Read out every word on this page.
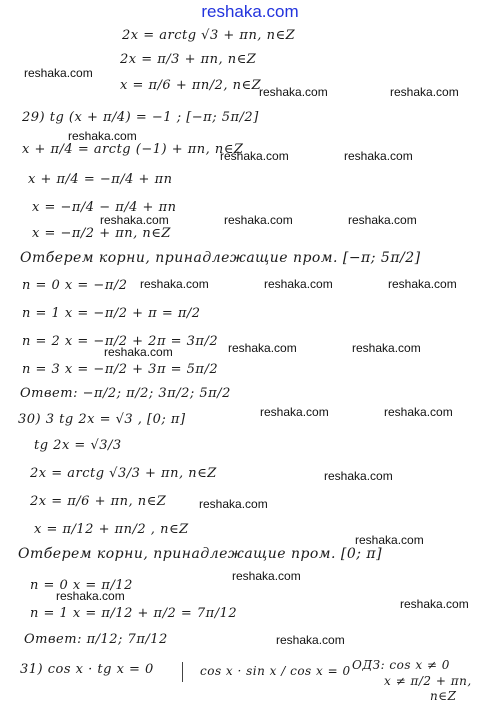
reshaka.com
reshaka.com
reshaka.com	reshaka.com
reshaka.com
reshaka.com	reshaka.com
reshaka.com	reshaka.com	reshaka.com
reshaka.com	reshaka.com	reshaka.com
reshaka.com	reshaka.com	reshaka.com
reshaka.com	reshaka.com
reshaka.com
reshaka.com
reshaka.com
reshaka.com
reshaka.com
reshaka.com
reshaka.com
2x = arctg √3 + πn, n∈Z
2x = π/3 + πn, n∈Z
x = π/6 + πn/2, n∈Z
29) tg (x + π/4) = −1 ; [−π; 5π/2]
x + π/4 = arctg (−1) + πn, n∈Z
x + π/4 = −π/4 + πn
x = −π/4 − π/4 + πn
x = −π/2 + πn, n∈Z
Отберем корни, принадлежащие пром. [−π; 5π/2]
n = 0 x = −π/2
n = 1 x = −π/2 + π = π/2
n = 2 x = −π/2 + 2π = 3π/2
n = 3 x = −π/2 + 3π = 5π/2
Ответ: −π/2; π/2; 3π/2; 5π/2
30) 3 tg 2x = √3 , [0; π]
tg 2x = √3/3
2x = arctg √3/3 + πn, n∈Z
2x = π/6 + πn, n∈Z
x = π/12 + πn/2 , n∈Z
Отберем корни, принадлежащие пром. [0; π]
n = 0 x = π/12
n = 1 x = π/12 + π/2 = 7π/12
Ответ: π/12; 7π/12
31) cos x · tg x = 0	cos x · sin x / cos x = 0 ОДЗ: cos x ≠ 0
x ≠ π/2 + πn,
n∈Z
